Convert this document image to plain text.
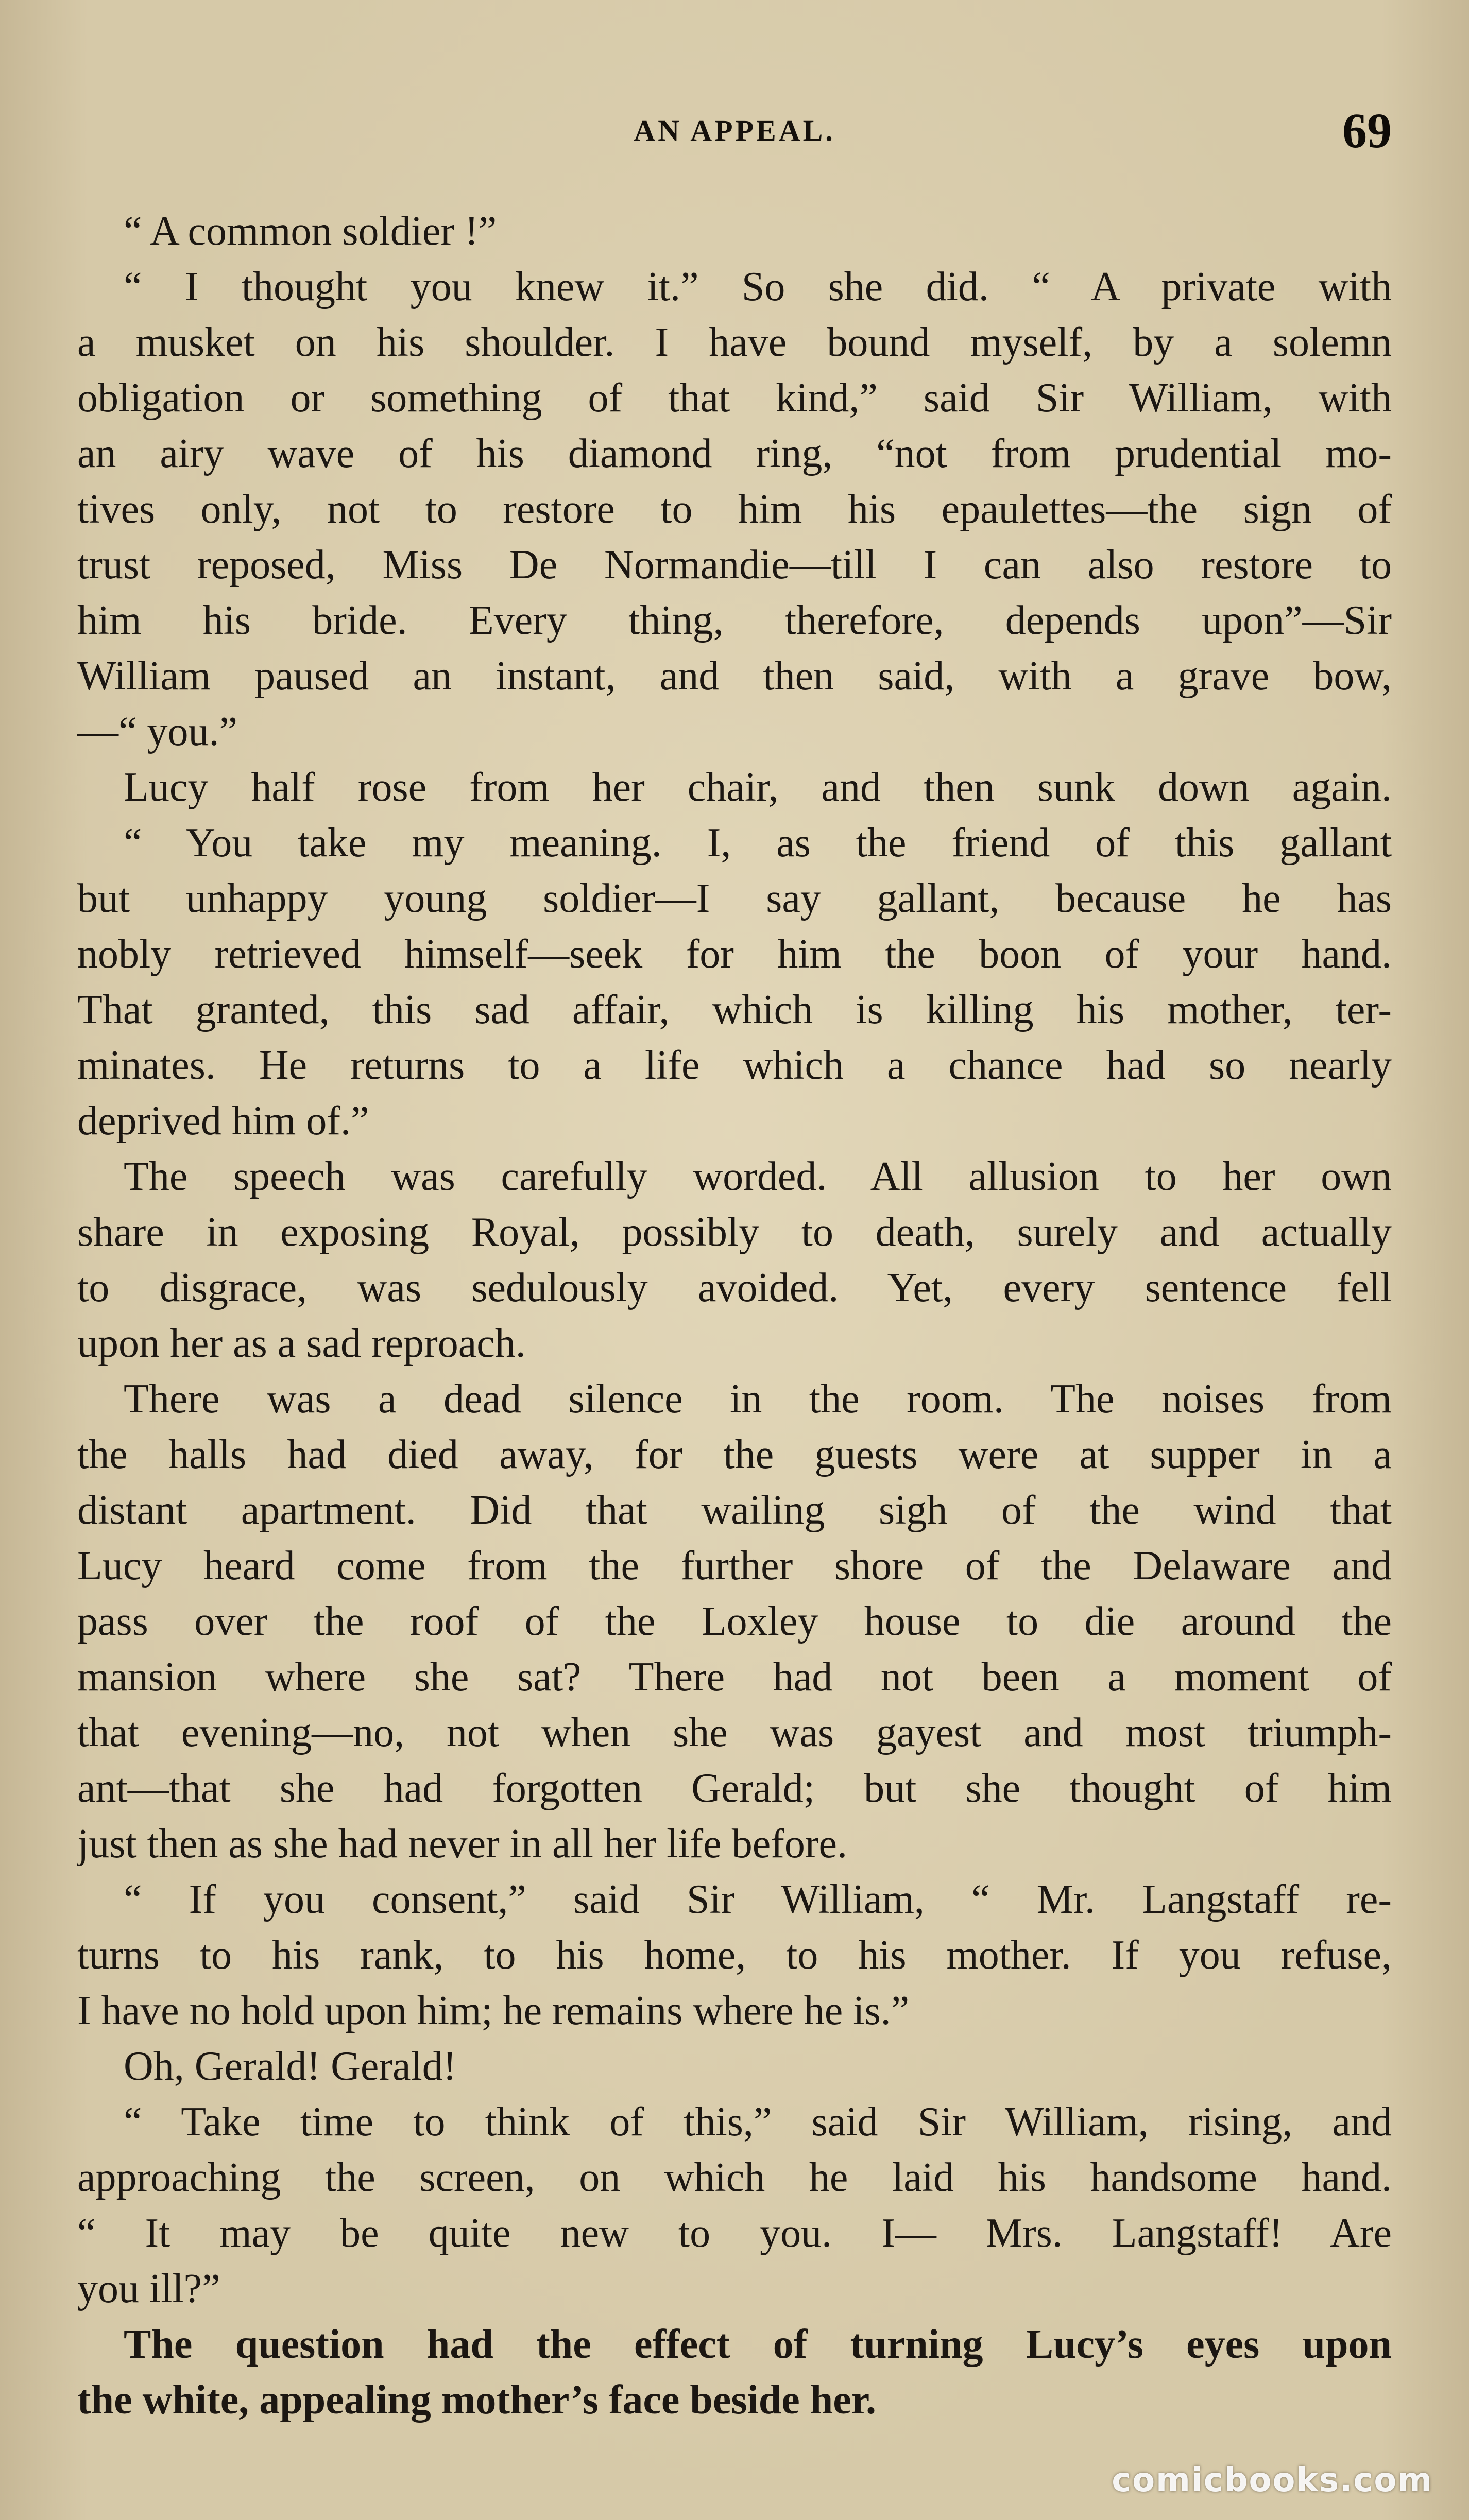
AN APPEAL.	69
“ A common soldier !”
“ I thought you knew it.” So she did. “ A private with
a musket on his shoulder. I have bound myself, by a solemn
obligation or something of that kind,” said Sir William, with
an airy wave of his diamond ring, “not from prudential mo-
tives only, not to restore to him his epaulettes—the sign of
trust reposed, Miss De Normandie—till I can also restore to
him his bride. Every thing, therefore, depends upon”—Sir
William paused an instant, and then said, with a grave bow,
—“ you.”
Lucy half rose from her chair, and then sunk down again.
“ You take my meaning. I, as the friend of this gallant
but unhappy young soldier—I say gallant, because he has
nobly retrieved himself—seek for him the boon of your hand.
That granted, this sad affair, which is killing his mother, ter-
minates. He returns to a life which a chance had so nearly
deprived him of.”
The speech was carefully worded. All allusion to her own
share in exposing Royal, possibly to death, surely and actually
to disgrace, was sedulously avoided. Yet, every sentence fell
upon her as a sad reproach.
There was a dead silence in the room. The noises from
the halls had died away, for the guests were at supper in a
distant apartment. Did that wailing sigh of the wind that
Lucy heard come from the further shore of the Delaware and
pass over the roof of the Loxley house to die around the
mansion where she sat? There had not been a moment of
that evening—no, not when she was gayest and most triumph-
ant—that she had forgotten Gerald; but she thought of him
just then as she had never in all her life before.
“ If you consent,” said Sir William, “ Mr. Langstaff re-
turns to his rank, to his home, to his mother. If you refuse,
I have no hold upon him; he remains where he is.”
Oh, Gerald! Gerald!
“ Take time to think of this,” said Sir William, rising, and
approaching the screen, on which he laid his handsome hand.
“ It may be quite new to you. I— Mrs. Langstaff! Are
you ill?”
The question had the effect of turning Lucy’s eyes upon
the white, appealing mother’s face beside her.
comicbooks.com
